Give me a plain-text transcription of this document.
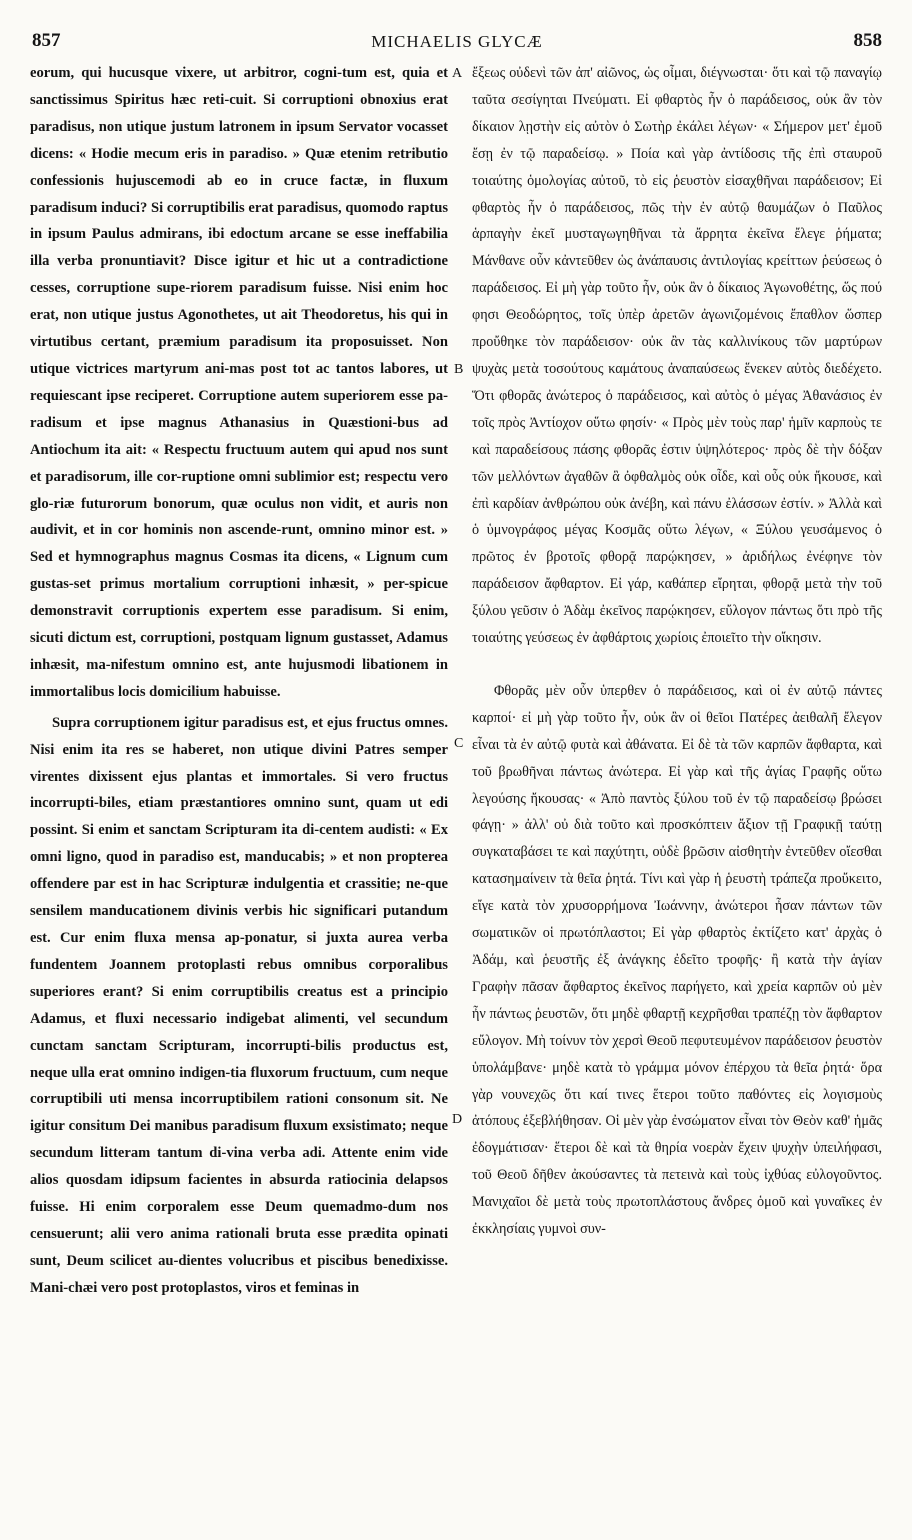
857	MICHAELIS GLYCÆ	858

eorum, qui hucusque vixere, ut arbitror, cogni-tum est, quia et sanctissimus Spiritus hæc reti-cuit. Si corruptioni obnoxius erat paradisus, non utique justum latronem in ipsum Servator vocasset dicens: « Hodie mecum eris in paradiso. » Quæ etenim retributio confessionis hujuscemodi ab eo in cruce factæ, in fluxum paradisum induci? Si corruptibilis erat paradisus, quomodo raptus in ipsum Paulus admirans, ibi edoctum arcane se esse ineffabilia illa verba pronuntiavit? Disce igitur et hic ut a contradictione cesses, corruptione supe-riorem paradisum fuisse. Nisi enim hoc erat, non utique justus Agonothetes, ut ait Theodoretus, his qui in virtutibus certant, præmium paradisum ita proposuisset. Non utique victrices martyrum ani-mas post tot ac tantos labores, ut requiescant ipse reciperet. Corruptione autem superiorem esse pa-radisum et ipse magnus Athanasius in Quæstioni-bus ad Antiochum ita ait: « Respectu fructuum autem qui apud nos sunt et paradisorum, ille cor-ruptione omni sublimior est; respectu vero glo-riæ futurorum bonorum, quæ oculus non vidit, et auris non audivit, et in cor hominis non ascende-runt, omnino minor est. » Sed et hymnographus magnus Cosmas ita dicens, « Lignum cum gustas-set primus mortalium corruptioni inhæsit, » per-spicue demonstravit corruptionis expertem esse paradisum. Si enim, sicuti dictum est, corruptioni, postquam lignum gustasset, Adamus inhæsit, ma-nifestum omnino est, ante hujusmodi libationem in immortalibus locis domicilium habuisse.

Supra corruptionem igitur paradisus est, et ejus fructus omnes. Nisi enim ita res se haberet, non utique divini Patres semper virentes dixissent ejus plantas et immortales. Si vero fructus incorrupti-biles, etiam præstantiores omnino sunt, quam ut edi possint. Si enim et sanctam Scripturam ita di-centem audisti: « Ex omni ligno, quod in paradiso est, manducabis; » et non propterea offendere par est in hac Scripturæ indulgentia et crassitie; ne-que sensilem manducationem divinis verbis hic significari putandum est. Cur enim fluxa mensa ap-ponatur, si juxta aurea verba fundentem Joannem protoplasti rebus omnibus corporalibus superiores erant? Si enim corruptibilis creatus est a principio Adamus, et fluxi necessario indigebat alimenti, vel secundum cunctam sanctam Scripturam, incorrupti-bilis productus est, neque ulla erat omnino indigen-tia fluxorum fructuum, cum neque corruptibili uti mensa incorruptibilem rationi consonum sit. Ne igitur consitum Dei manibus paradisum fluxum exsistimato; neque secundum litteram tantum di-vina verba adi. Attente enim vide alios quosdam idipsum facientes in absurda ratiocinia delapsos fuisse. Hi enim corporalem esse Deum quemadmo-dum nos censuerunt; alii vero anima rationali bruta esse prædita opinati sunt, Deum scilicet au-dientes volucribus et piscibus benedixisse. Mani-chæi vero post protoplastos, viros et feminas in

A
B
C
D

ἔξεως οὐδενὶ τῶν ἀπ' αἰῶνος, ὡς οἶμαι, διέγνωσται· ὅτι καὶ τῷ παναγίῳ ταῦτα σεσίγηται Πνεύματι. Εἰ φθαρτὸς ἦν ὁ παράδεισος, οὐκ ἂν τὸν δίκαιον λῃστὴν εἰς αὐτὸν ὁ Σωτὴρ ἐκάλει λέγων· « Σήμερον μετ' ἐμοῦ ἔσῃ ἐν τῷ παραδείσῳ. » Ποία καὶ γὰρ ἀντίδοσις τῆς ἐπὶ σταυροῦ τοιαύτης ὁμολογίας αὐτοῦ, τὸ εἰς ῥευστὸν εἰσαχθῆναι παράδεισον; Εἰ φθαρτὸς ἦν ὁ παράδεισος, πῶς τὴν ἐν αὐτῷ θαυμάζων ὁ Παῦλος ἁρπαγὴν ἐκεῖ μυσταγωγηθῆναι τὰ ἄρρητα ἐκεῖνα ἔλεγε ῥήματα; Μάνθανε οὖν κἀντεῦθεν ὡς ἀνάπαυσις ἀντιλογίας κρείττων ῥεύσεως ὁ παράδεισος. Εἰ μὴ γὰρ τοῦτο ἦν, οὐκ ἂν ὁ δίκαιος Ἀγωνοθέτης, ὥς πού φησι Θεοδώρητος, τοῖς ὑπὲρ ἀρετῶν ἀγωνιζομένοις ἔπαθλον ὥσπερ προὔθηκε τὸν παράδεισον· οὐκ ἂν τὰς καλλινίκους τῶν μαρτύρων ψυχὰς μετὰ τοσούτους καμάτους ἀναπαύσεως ἕνεκεν αὐτὸς διεδέχετο. Ὅτι φθορᾶς ἀνώτερος ὁ παράδεισος, καὶ αὐτὸς ὁ μέγας Ἀθανάσιος ἐν τοῖς πρὸς Ἀντίοχον οὕτω φησίν· « Πρὸς μὲν τοὺς παρ' ἡμῖν καρποὺς τε καὶ παραδείσους πάσης φθορᾶς ἐστιν ὑψηλότερος· πρὸς δὲ τὴν δόξαν τῶν μελλόντων ἀγαθῶν ἃ ὀφθαλμὸς οὐκ οἶδε, καὶ οὖς οὐκ ἤκουσε, καὶ ἐπὶ καρδίαν ἀνθρώπου οὐκ ἀνέβη, καὶ πάνυ ἐλάσσων ἐστίν. » Ἀλλὰ καὶ ὁ ὑμνογράφος μέγας Κοσμᾶς οὕτω λέγων, « Ξύλου γευσάμενος ὁ πρῶτος ἐν βροτοῖς φθορᾷ παρῴκησεν, » ἀριδήλως ἐνέφηνε τὸν παράδεισον ἄφθαρτον. Εἰ γάρ, καθάπερ εἴρηται, φθορᾷ μετὰ τὴν τοῦ ξύλου γεῦσιν ὁ Ἀδὰμ ἐκεῖνος παρῴκησεν, εὔλογον πάντως ὅτι πρὸ τῆς τοιαύτης γεύσεως ἐν ἀφθάρτοις χωρίοις ἐποιεῖτο τὴν οἴκησιν.

Φθορᾶς μὲν οὖν ὑπερθεν ὁ παράδεισος, καὶ οἱ ἐν αὐτῷ πάντες καρποί· εἰ μὴ γὰρ τοῦτο ἦν, οὐκ ἂν οἱ θεῖοι Πατέρες ἀειθαλῆ ἔλεγον εἶναι τὰ ἐν αὐτῷ φυτὰ καὶ ἀθάνατα. Εἰ δὲ τὰ τῶν καρπῶν ἄφθαρτα, καὶ τοῦ βρωθῆναι πάντως ἀνώτερα. Εἰ γὰρ καὶ τῆς ἁγίας Γραφῆς οὕτω λεγούσης ἤκουσας· « Ἀπὸ παντὸς ξύλου τοῦ ἐν τῷ παραδείσῳ βρώσει φάγῃ· » ἀλλ' οὐ διὰ τοῦτο καὶ προσκόπτειν ἄξιον τῇ Γραφικῇ ταύτῃ συγκαταβάσει τε καὶ παχύτητι, οὐδὲ βρῶσιν αἰσθητὴν ἐντεῦθεν οἴεσθαι κατασημαίνειν τὰ θεῖα ῥητά. Τίνι καὶ γὰρ ἡ ῥευστὴ τράπεζα προὔκειτο, εἴγε κατὰ τὸν χρυσορρήμονα Ἰωάννην, ἀνώτεροι ἦσαν πάντων τῶν σωματικῶν οἱ πρωτόπλαστοι; Εἰ γὰρ φθαρτὸς ἐκτίζετο κατ' ἀρχὰς ὁ Ἀδάμ, καὶ ῥευστῆς ἐξ ἀνάγκης ἐδεῖτο τροφῆς· ἢ κατὰ τὴν ἁγίαν Γραφὴν πᾶσαν ἄφθαρτος ἐκεῖνος παρήγετο, καὶ χρεία καρπῶν οὐ μὲν ἦν πάντως ῥευστῶν, ὅτι μηδὲ φθαρτῇ κεχρῆσθαι τραπέζῃ τὸν ἄφθαρτον εὔλογον. Μὴ τοίνυν τὸν χερσὶ Θεοῦ πεφυτευμένον παράδεισον ῥευστὸν ὑπολάμβανε· μηδὲ κατὰ τὸ γράμμα μόνον ἐπέρχου τὰ θεῖα ῥητά· ὅρα γὰρ νουνεχῶς ὅτι καί τινες ἕτεροι τοῦτο παθόντες εἰς λογισμοὺς ἀτόπους ἐξεβλήθησαν. Οἱ μὲν γὰρ ἐνσώματον εἶναι τὸν Θεὸν καθ' ἡμᾶς ἐδογμάτισαν· ἕτεροι δὲ καὶ τὰ θηρία νοερὰν ἔχειν ψυχὴν ὑπειλήφασι, τοῦ Θεοῦ δῆθεν ἀκούσαντες τὰ πετεινὰ καὶ τοὺς ἰχθύας εὐλογοῦντος. Μανιχαῖοι δὲ μετὰ τοὺς πρωτοπλάστους ἄνδρες ὁμοῦ καὶ γυναῖκες ἐν ἐκκλησίαις γυμνοὶ συν-
